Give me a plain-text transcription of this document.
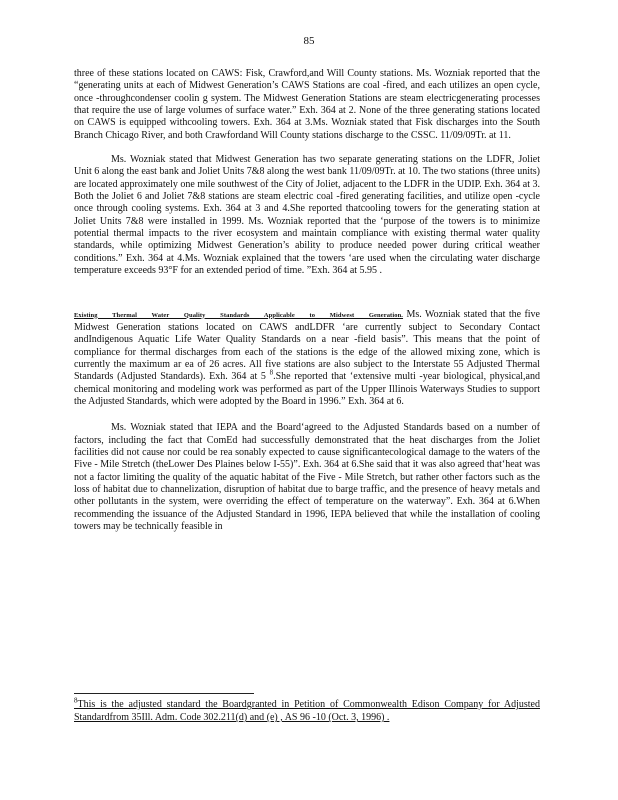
85

three of these stations located on CAWS: Fisk, Crawford,and Will County stations. Ms. Wozniak reported that the “generating units at each of Midwest Generation’s CAWS Stations are coal -fired, and each utilizes an open cycle, once -throughcondenser coolin g system. The Midwest Generation Stations are steam electricgenerating processes that require the use of large volumes of surface water.” Exh. 364 at 2. None of the three generating stations located on CAWS is equipped withcooling towers. Exh. 364 at 3.Ms. Wozniak stated that Fisk discharges into the South Branch Chicago River, and both Crawfordand Will County stations discharge to the CSSC. 11/09/09Tr. at 11.

Ms. Wozniak stated that Midwest Generation has two separate generating stations on the LDFR, Joliet Unit 6 along the east bank and Joliet Units 7&8 along the west bank 11/09/09Tr. at 10. The two stations (three units) are located approximately one mile southwest of the City of Joliet, adjacent to the LDFR in the UDIP. Exh. 364 at 3. Both the Joliet 6 and Joliet 7&8 stations are steam electric coal -fired generating facilities, and utilize open -cycle once through cooling systems. Exh. 364 at 3 and 4.She reported thatcooling towers for the generating station at Joliet Units 7&8 were installed in 1999. Ms. Wozniak reported that the ‘purpose of the towers is to minimize potential thermal impacts to the river ecosystem and maintain compliance with existing thermal water quality standards, while optimizing Midwest Generation’s ability to produce needed power during critical weather conditions.” Exh. 364 at 4.Ms. Wozniak explained that the towers ‘are used when the circulating water discharge temperature exceeds 93°F for an extended period of time. ”Exh. 364 at 5.95 .

Existing Thermal Water Quality Standards Applicable to Midwest Generation. Ms. Wozniak stated that the five Midwest Generation stations located on CAWS andLDFR ‘are currently subject to Secondary Contact andIndigenous Aquatic Life Water Quality Standards on a near -field basis”. This means that the point of compliance for thermal discharges from each of the stations is the edge of the allowed mixing zone, which is currently the maximum ar ea of 26 acres. All five stations are also subject to the Interstate 55 Adjusted Thermal Standards (Adjusted Standards). Exh. 364 at 5 $^8$.She reported that ‘extensive multi -year biological, physical,and chemical monitoring and modeling work was performed as part of the Upper Illinois Waterways Studies to support the Adjusted Standards, which were adopted by the Board in 1996.” Exh. 364 at 6.

Ms. Wozniak stated that IEPA and the Board‘agreed to the Adjusted Standards based on a number of factors, including the fact that ComEd had successfully demonstrated that the heat discharges from the Joliet facilities did not cause nor could be rea sonably expected to cause significantecological damage to the waters of the Five - Mile Stretch (theLower Des Plaines below I-55)”. Exh. 364 at 6.She said that it was also agreed that‘heat was not a factor limiting the quality of the aquatic habitat of the Five - Mile Stretch, but rather other factors such as the loss of habitat due to channelization, disruption of habitat due to barge traffic, and the presence of heavy metals and other pollutants in the system, were overriding the effect of temperature on the waterway”. Exh. 364 at 6.When recommending the issuance of the Adjusted Standard in 1996, IEPA believed that while the installation of cooling towers may be technically feasible in

$^8$This is the adjusted standard the Boardgranted in Petition of Commonwealth Edison Company for Adjusted Standardfrom 35Ill. Adm. Code 302.211(d) and (e) , AS 96 -10 (Oct. 3, 1996) .
